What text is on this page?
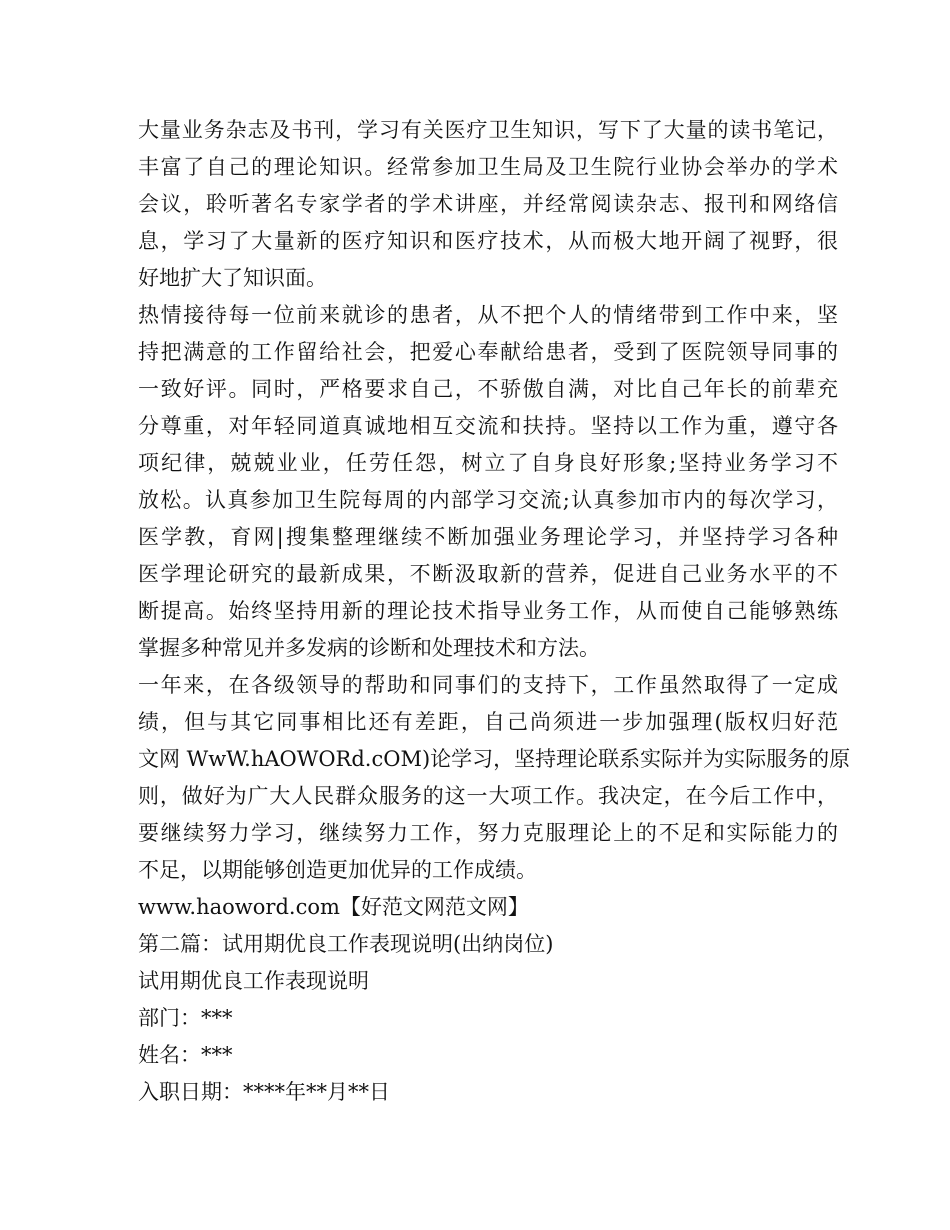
大量业务杂志及书刊，学习有关医疗卫生知识，写下了大量的读书笔记，
丰富了自己的理论知识。经常参加卫生局及卫生院行业协会举办的学术
会议，聆听著名专家学者的学术讲座，并经常阅读杂志、报刊和网络信
息，学习了大量新的医疗知识和医疗技术，从而极大地开阔了视野，很
好地扩大了知识面。
热情接待每一位前来就诊的患者，从不把个人的情绪带到工作中来，坚
持把满意的工作留给社会，把爱心奉献给患者，受到了医院领导同事的
一致好评。同时，严格要求自己，不骄傲自满，对比自己年长的前辈充
分尊重，对年轻同道真诚地相互交流和扶持。坚持以工作为重，遵守各
项纪律，兢兢业业，任劳任怨，树立了自身良好形象;坚持业务学习不
放松。认真参加卫生院每周的内部学习交流;认真参加市内的每次学习，
医学教，育网|搜集整理继续不断加强业务理论学习，并坚持学习各种
医学理论研究的最新成果，不断汲取新的营养，促进自己业务水平的不
断提高。始终坚持用新的理论技术指导业务工作，从而使自己能够熟练
掌握多种常见并多发病的诊断和处理技术和方法。
一年来，在各级领导的帮助和同事们的支持下，工作虽然取得了一定成
绩，但与其它同事相比还有差距，自己尚须进一步加强理(版权归好范
文网 WwW.hAOWORd.cOM)论学习，坚持理论联系实际并为实际服务的原
则，做好为广大人民群众服务的这一大项工作。我决定，在今后工作中，
要继续努力学习，继续努力工作，努力克服理论上的不足和实际能力的
不足，以期能够创造更加优异的工作成绩。
www.haoword.com【好范文网范文网】
第二篇：试用期优良工作表现说明(出纳岗位)
试用期优良工作表现说明
部门：***
姓名：***
入职日期：****年**月**日
